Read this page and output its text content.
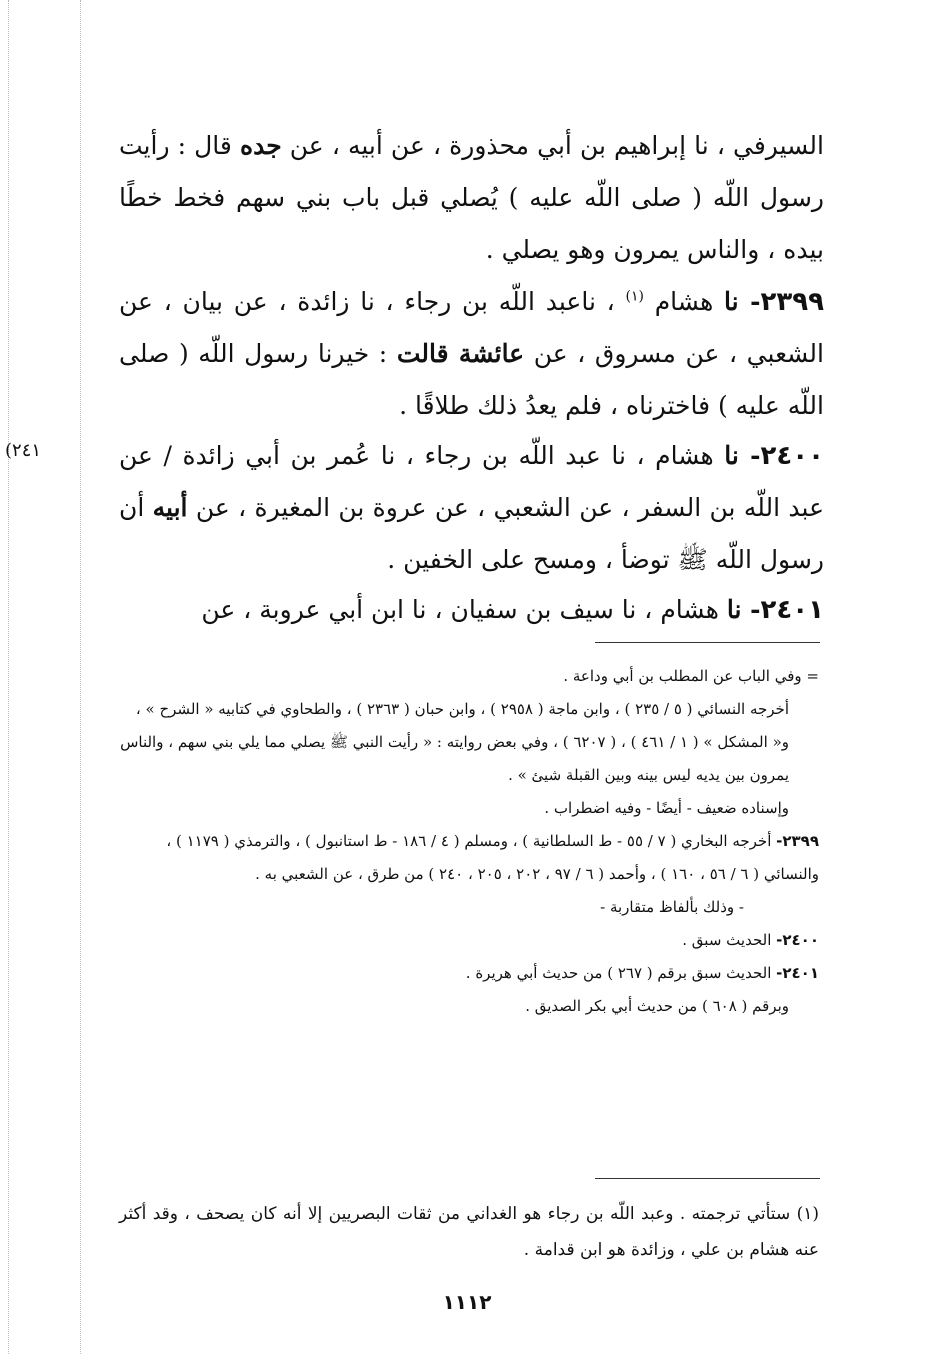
السيرفي ، نا إبراهيم بن أبي محذورة ، عن أبيه ، عن جده قال : رأيت رسول اللّه ( صلى اللّه عليه ) يُصلي قبل باب بني سهم فخط خطًا بيده ، والناس يمرون وهو يصلي .

٢٣٩٩- نا هشام $^{(١)}$ ، ناعبد اللّه بن رجاء ، نا زائدة ، عن بيان ، عن الشعبي ، عن مسروق ، عن عائشة قالت : خيرنا رسول اللّه ( صلى اللّه عليه ) فاخترناه ، فلم يعدُ ذلك طلاقًا .

(٢٤١	٢٤٠٠- نا هشام ، نا عبد اللّه بن رجاء ، نا عُمر بن أبي زائدة / عن عبد اللّه بن السفر ، عن الشعبي ، عن عروة بن المغيرة ، عن أبيه أن رسول اللّه ﷺ توضأ ، ومسح على الخفين .

٢٤٠١- نا هشام ، نا سيف بن سفيان ، نا ابن أبي عروبة ، عن

= وفي الباب عن المطلب بن أبي وداعة .

أخرجه النسائي ( ٥ / ٢٣٥ ) ، وابن ماجة ( ٢٩٥٨ ) ، وابن حبان ( ٢٣٦٣ ) ، والطحاوي في كتابيه « الشرح » ، و« المشكل » ( ١ / ٤٦١ ) ، ( ٦٢٠٧ ) ، وفي بعض روايته : « رأيت النبي ﷺ يصلي مما يلي بني سهم ، والناس يمرون بين يديه ليس بينه وبين القبلة شيئ » .

وإسناده ضعيف - أيضًا - وفيه اضطراب .

٢٣٩٩- أخرجه البخاري ( ٧ / ٥٥ - ط السلطانية ) ، ومسلم ( ٤ / ١٨٦ - ط استانبول ) ، والترمذي ( ١١٧٩ ) ، والنسائي ( ٦ / ٥٦ ، ١٦٠ ) ، وأحمد ( ٦ / ٩٧ ، ٢٠٢ ، ٢٠٥ ، ٢٤٠ ) من طرق ، عن الشعبي به .

- وذلك بألفاظ متقاربة -

٢٤٠٠- الحديث سبق .

٢٤٠١- الحديث سبق برقم ( ٢٦٧ ) من حديث أبي هريرة .

وبرقم ( ٦٠٨ ) من حديث أبي بكر الصديق .

(١) ستأتي ترجمته . وعبد اللّه بن رجاء هو الغداني من ثقات البصريين إلا أنه كان يصحف ، وقد أكثر عنه هشام بن علي ، وزائدة هو ابن قدامة .

١١١٢
